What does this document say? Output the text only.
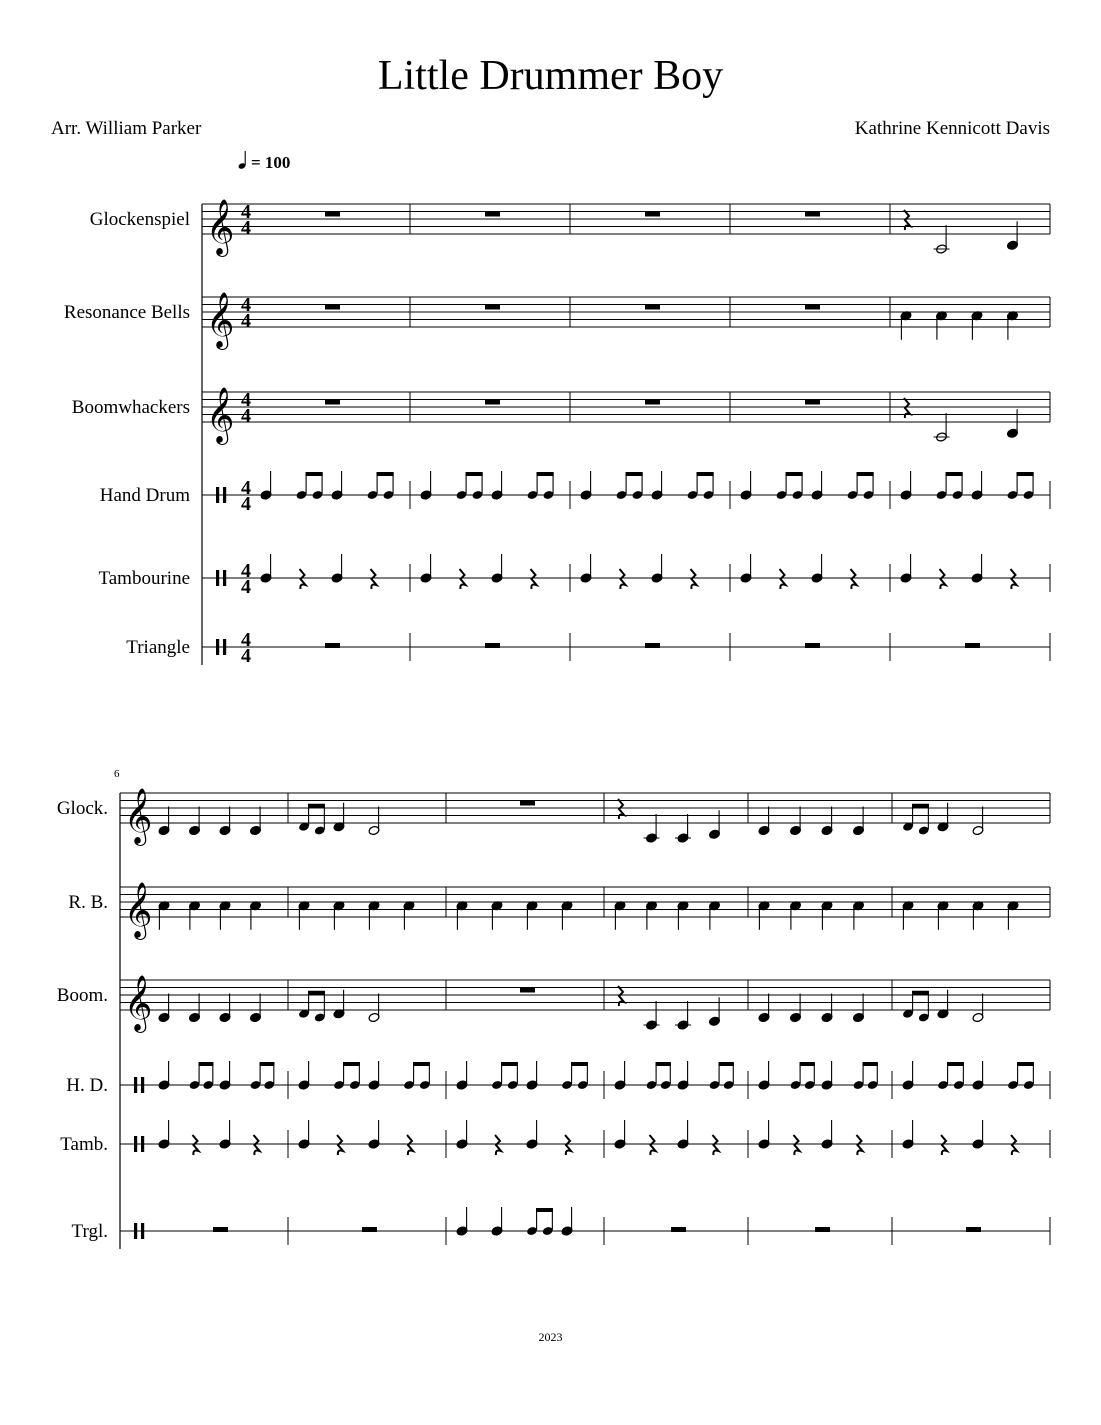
Little Drummer Boy
Arr. William Parker	Kathrine Kennicott Davis
= 100
Glockenspiel 𝄞 4
4
Resonance Bells 𝄞 4
4
Boomwhackers 𝄞 4
4
Hand Drum	4
4
Tambourine	4
4
Triangle	4
4
6
Glock. 𝄞
R. B. 𝄞
Boom. 𝄞
H. D.
Tamb.
Trgl.
2023
